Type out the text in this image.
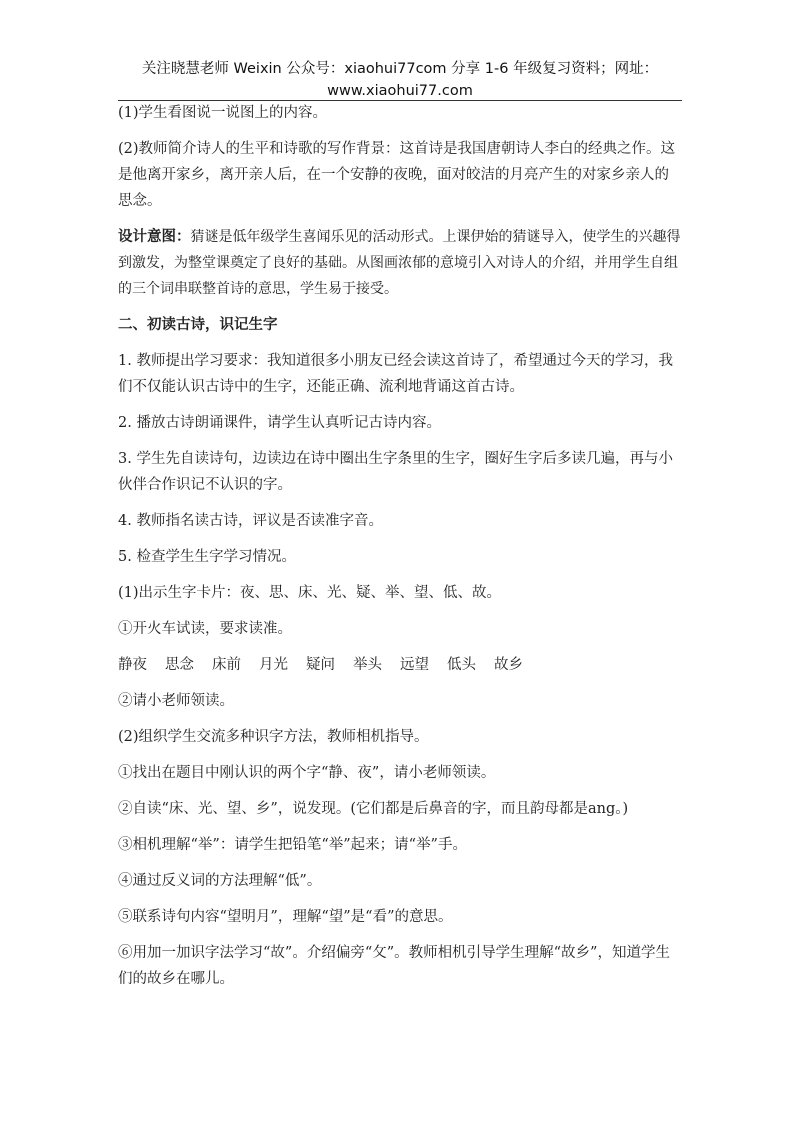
关注晓慧老师 Weixin 公众号：xiaohui77com 分享 1-6 年级复习资料；网址：
www.xiaohui77.com

(1)学生看图说一说图上的内容。

(2)教师简介诗人的生平和诗歌的写作背景：这首诗是我国唐朝诗人李白的经典之作。这是他离开家乡，离开亲人后，在一个安静的夜晚，面对皎洁的月亮产生的对家乡亲人的思念。

设计意图：猜谜是低年级学生喜闻乐见的活动形式。上课伊始的猜谜导入，使学生的兴趣得到激发，为整堂课奠定了良好的基础。从图画浓郁的意境引入对诗人的介绍，并用学生自组的三个词串联整首诗的意思，学生易于接受。

二、初读古诗，识记生字

1. 教师提出学习要求：我知道很多小朋友已经会读这首诗了，希望通过今天的学习，我们不仅能认识古诗中的生字，还能正确、流利地背诵这首古诗。

2. 播放古诗朗诵课件，请学生认真听记古诗内容。

3. 学生先自读诗句，边读边在诗中圈出生字条里的生字，圈好生字后多读几遍，再与小伙伴合作识记不认识的字。

4. 教师指名读古诗，评议是否读准字音。

5. 检查学生生字学习情况。

(1)出示生字卡片：夜、思、床、光、疑、举、望、低、故。

①开火车试读，要求读准。

静夜 思念 床前 月光 疑问 举头 远望 低头 故乡

②请小老师领读。

(2)组织学生交流多种识字方法，教师相机指导。

①找出在题目中刚认识的两个字“静、夜”，请小老师领读。

②自读“床、光、望、乡”，说发现。(它们都是后鼻音的字，而且韵母都是ang。)

③相机理解“举”：请学生把铅笔“举”起来；请“举”手。

④通过反义词的方法理解“低”。

⑤联系诗句内容“望明月”，理解“望”是“看”的意思。

⑥用加一加识字法学习“故”。介绍偏旁“攵”。教师相机引导学生理解“故乡”，知道学生们的故乡在哪儿。
